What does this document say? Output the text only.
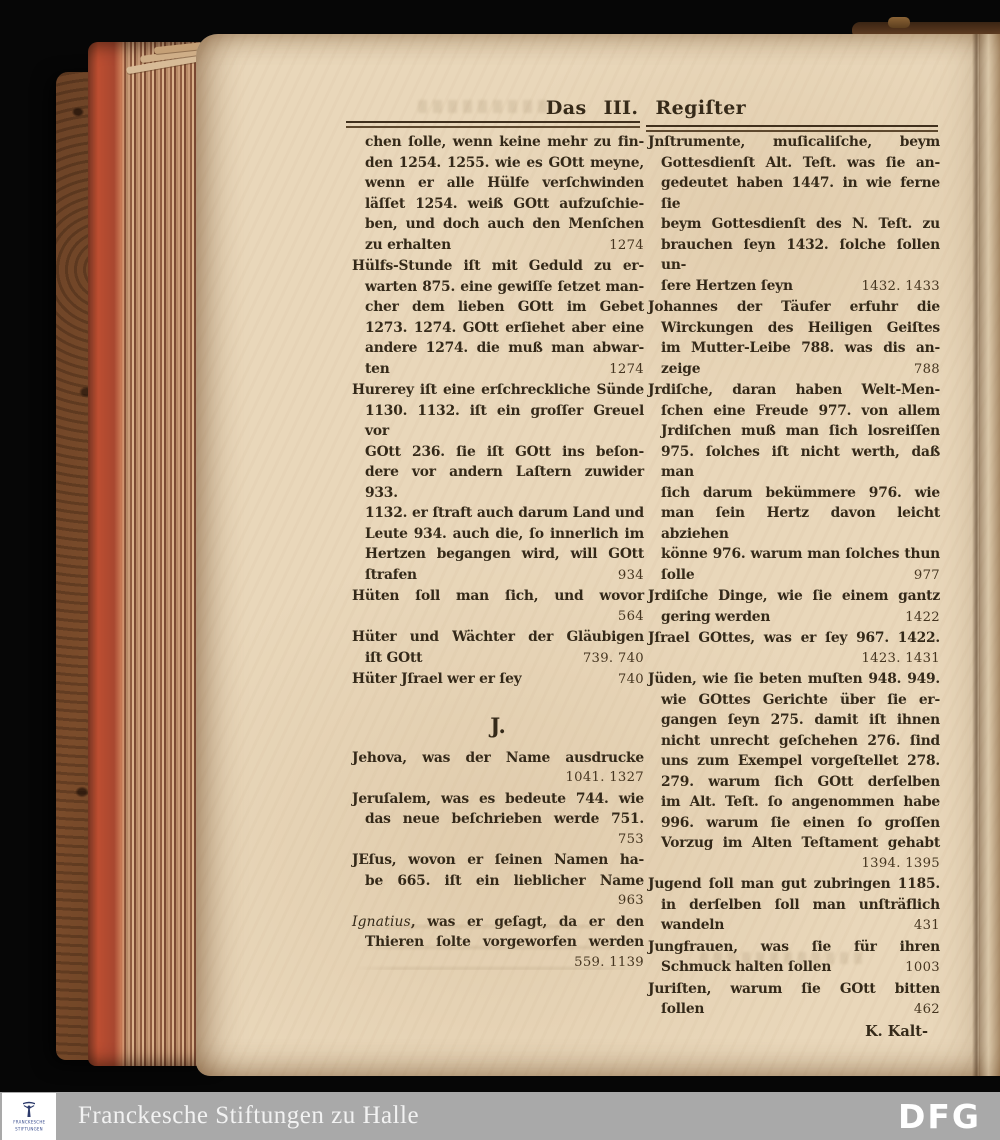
Das III. Regiſter
chen ſolle, wenn keine mehr zu fin-
den 1254. 1255. wie es GOtt meyne,
wenn er alle Hülfe verſchwinden
läſſet 1254. weiß GOtt aufzuſchie-
ben, und doch auch den Menſchen
zu erhalten	1274
Hülfs-Stunde iſt mit Geduld zu er-
warten 875. eine gewiſſe ſetzet man-
cher dem lieben GOtt im Gebet
1273. 1274. GOtt erſiehet aber eine
andere 1274. die muß man abwar-
ten	1274
Hurerey iſt eine erſchreckliche Sünde
1130. 1132. iſt ein groſſer Greuel vor
GOtt 236. ſie iſt GOtt ins beſon-
dere vor andern Laſtern zuwider 933.
1132. er ſtraft auch darum Land und
Leute 934. auch die, ſo innerlich im
Hertzen begangen wird, will GOtt
ſtrafen	934
Hüten ſoll man ſich, und wovor
564
Hüter und Wächter der Gläubigen
iſt GOtt	739. 740
Hüter Jſrael wer er ſey	740
J.
Jehova, was der Name ausdrucke
1041. 1327
Jeruſalem, was es bedeute 744. wie
das neue beſchrieben werde 751.
753
JEſus, wovon er ſeinen Namen ha-
be 665. iſt ein lieblicher Name
963
Ignatius, was er geſagt, da er den
Thieren ſolte vorgeworfen werden
559. 1139
Jnſtrumente, muſicaliſche, beym
Gottesdienſt Alt. Teſt. was ſie an-
gedeutet haben 1447. in wie ferne ſie
beym Gottesdienſt des N. Teſt. zu
brauchen ſeyn 1432. ſolche ſollen un-
ſere Hertzen ſeyn	1432. 1433
Johannes der Täufer erfuhr die
Wirckungen des Heiligen Geiſtes
im Mutter-Leibe 788. was dis an-
zeige	788
Jrdiſche, daran haben Welt-Men-
ſchen eine Freude 977. von allem
Jrdiſchen muß man ſich losreiſſen
975. ſolches iſt nicht werth, daß man
ſich darum bekümmere 976. wie
man ſein Hertz davon leicht abziehen
könne 976. warum man ſolches thun
ſolle	977
Jrdiſche Dinge, wie ſie einem gantz
gering werden	1422
Jſrael GOttes, was er ſey 967. 1422.
1423. 1431
Jüden, wie ſie beten muſten 948. 949.
wie GOttes Gerichte über ſie er-
gangen ſeyn 275. damit iſt ihnen
nicht unrecht geſchehen 276. ſind
uns zum Exempel vorgeſtellet 278.
279. warum ſich GOtt derſelben
im Alt. Teſt. ſo angenommen habe
996. warum ſie einen ſo groſſen
Vorzug im Alten Teſtament gehabt
1394. 1395
Jugend ſoll man gut zubringen 1185.
in derſelben ſoll man unſträflich
wandeln	431
Jungfrauen, was ſie für ihren
Schmuck halten ſollen	1003
Juriſten, warum ſie GOtt bitten
ſollen	462
K. Kalt-
FRANCKESCHE
STIFTUNGEN
Franckesche Stiftungen zu Halle	DFG
